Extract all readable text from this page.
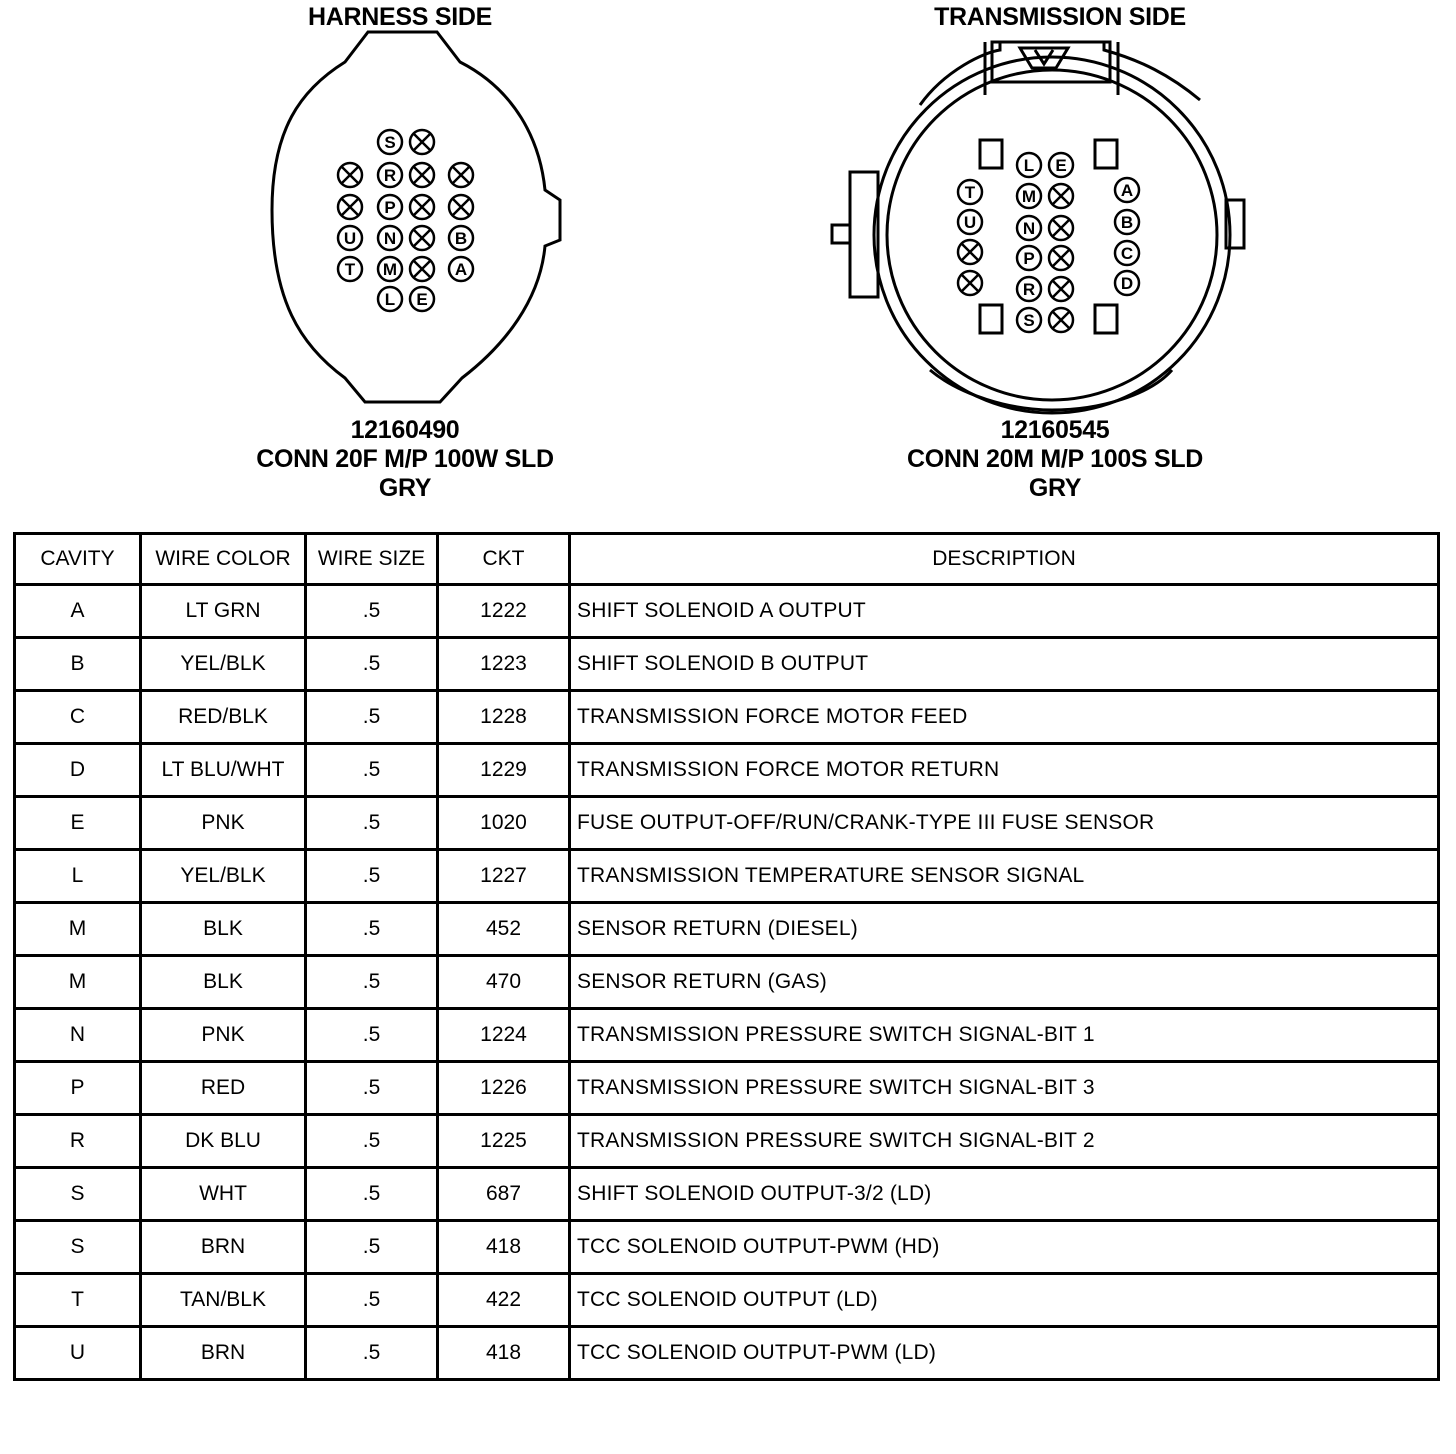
HARNESS SIDE	TRANSMISSION SIDE
S
R
P
U N	B
T M	A
L E
L E
T	M	A
U	N	B
P	C
R	D
S
12160490
CONN 20F M/P 100W SLD
GRY
12160545
CONN 20M M/P 100S SLD
GRY
CAVITY	WIRE COLOR	WIRE SIZE	CKT	DESCRIPTION
A	LT GRN	.5	1222	SHIFT SOLENOID A OUTPUT
B	YEL/BLK	.5	1223	SHIFT SOLENOID B OUTPUT
C	RED/BLK	.5	1228	TRANSMISSION FORCE MOTOR FEED
D	LT BLU/WHT	.5	1229	TRANSMISSION FORCE MOTOR RETURN
E	PNK	.5	1020	FUSE OUTPUT-OFF/RUN/CRANK-TYPE III FUSE SENSOR
L	YEL/BLK	.5	1227	TRANSMISSION TEMPERATURE SENSOR SIGNAL
M	BLK	.5	452	SENSOR RETURN (DIESEL)
M	BLK	.5	470	SENSOR RETURN (GAS)
N	PNK	.5	1224	TRANSMISSION PRESSURE SWITCH SIGNAL-BIT 1
P	RED	.5	1226	TRANSMISSION PRESSURE SWITCH SIGNAL-BIT 3
R	DK BLU	.5	1225	TRANSMISSION PRESSURE SWITCH SIGNAL-BIT 2
S	WHT	.5	687	SHIFT SOLENOID OUTPUT-3/2 (LD)
S	BRN	.5	418	TCC SOLENOID OUTPUT-PWM (HD)
T	TAN/BLK	.5	422	TCC SOLENOID OUTPUT (LD)
U	BRN	.5	418	TCC SOLENOID OUTPUT-PWM (LD)
